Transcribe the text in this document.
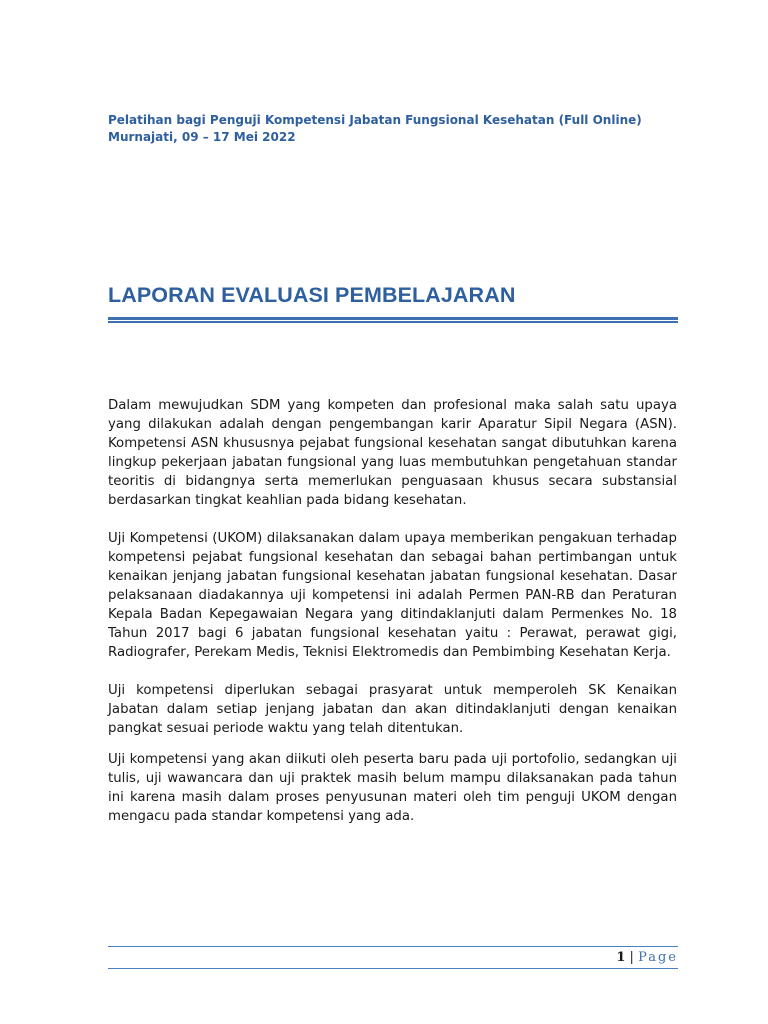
Pelatihan bagi Penguji Kompetensi Jabatan Fungsional Kesehatan (Full Online)
Murnajati, 09 – 17 Mei 2022
LAPORAN EVALUASI PEMBELAJARAN

Dalam mewujudkan SDM yang kompeten dan profesional maka salah satu upaya yang dilakukan adalah dengan pengembangan karir Aparatur Sipil Negara (ASN). Kompetensi ASN khususnya pejabat fungsional kesehatan sangat dibutuhkan karena lingkup pekerjaan jabatan fungsional yang luas membutuhkan pengetahuan standar teoritis di bidangnya serta memerlukan penguasaan khusus secara substansial berdasarkan tingkat keahlian pada bidang kesehatan.

Uji Kompetensi (UKOM) dilaksanakan dalam upaya memberikan pengakuan terhadap kompetensi pejabat fungsional kesehatan dan sebagai bahan pertimbangan untuk kenaikan jenjang jabatan fungsional kesehatan jabatan fungsional kesehatan. Dasar pelaksanaan diadakannya uji kompetensi ini adalah Permen PAN-RB dan Peraturan Kepala Badan Kepegawaian Negara yang ditindaklanjuti dalam Permenkes No. 18 Tahun 2017 bagi 6 jabatan fungsional kesehatan yaitu : Perawat, perawat gigi, Radiografer, Perekam Medis, Teknisi Elektromedis dan Pembimbing Kesehatan Kerja.

Uji kompetensi diperlukan sebagai prasyarat untuk memperoleh SK Kenaikan Jabatan dalam setiap jenjang jabatan dan akan ditindaklanjuti dengan kenaikan pangkat sesuai periode waktu yang telah ditentukan.

Uji kompetensi yang akan diikuti oleh peserta baru pada uji portofolio, sedangkan uji tulis, uji wawancara dan uji praktek masih belum mampu dilaksanakan pada tahun ini karena masih dalam proses penyusunan materi oleh tim penguji UKOM dengan mengacu pada standar kompetensi yang ada.

1 | Page
